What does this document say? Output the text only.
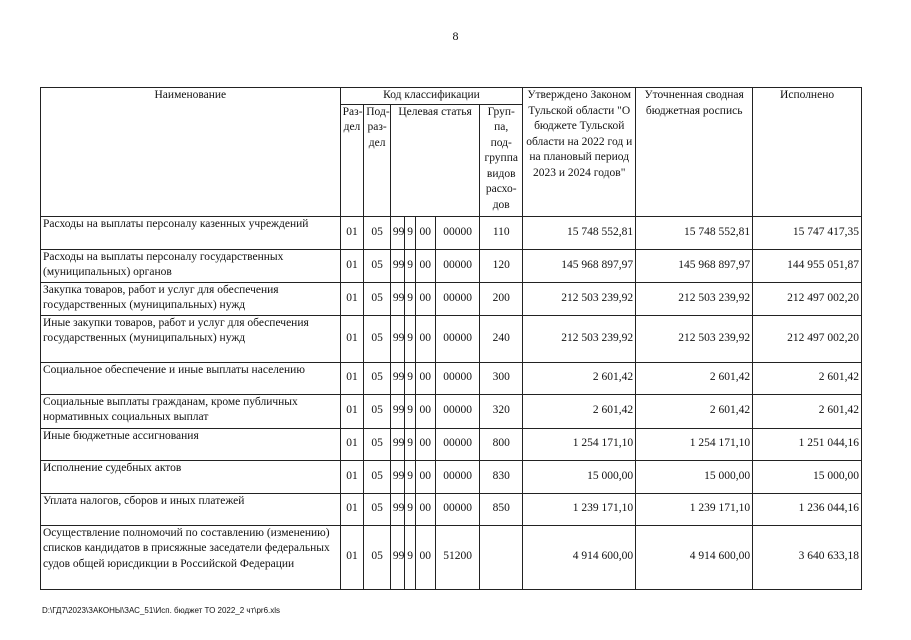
8
Наименование	Код классификации							Утверждено Законом Тульской области "О бюджете Тульской области на 2022 год и на плановый период 2023 и 2024 годов"	Уточненная сводная бюджетная роспись	Исполнено
	Раз- дел	Под- раз- дел	Целевая статья				Груп- па, под- группа видов расхо- дов			
Расходы на выплаты персоналу казенных учреждений	01	05	99	9	00	00000	110	15 748 552,81	15 748 552,81	15 747 417,35
Расходы на выплаты персоналу государственных (муниципальных) органов	01	05	99	9	00	00000	120	145 968 897,97	145 968 897,97	144 955 051,87
Закупка товаров, работ и услуг для обеспечения государственных (муниципальных) нужд	01	05	99	9	00	00000	200	212 503 239,92	212 503 239,92	212 497 002,20
Иные закупки товаров, работ и услуг для обеспечения государственных (муниципальных) нужд	01	05	99	9	00	00000	240	212 503 239,92	212 503 239,92	212 497 002,20
Социальное обеспечение и иные выплаты населению	01	05	99	9	00	00000	300	2 601,42	2 601,42	2 601,42
Социальные выплаты гражданам, кроме публичных нормативных социальных выплат	01	05	99	9	00	00000	320	2 601,42	2 601,42	2 601,42
Иные бюджетные ассигнования	01	05	99	9	00	00000	800	1 254 171,10	1 254 171,10	1 251 044,16
Исполнение судебных актов	01	05	99	9	00	00000	830	15 000,00	15 000,00	15 000,00
Уплата налогов, сборов и иных платежей	01	05	99	9	00	00000	850	1 239 171,10	1 239 171,10	1 236 044,16
Осуществление полномочий по составлению (изменению) списков кандидатов в присяжные заседатели федеральных судов общей юрисдикции в Российской Федерации	01	05	99	9	00	51200		4 914 600,00	4 914 600,00	3 640 633,18
D:\ГД7\2023\ЗАКОНЫ\ЗАС_51\Исп. бюджет ТО 2022_2 чт\pr6.xls
